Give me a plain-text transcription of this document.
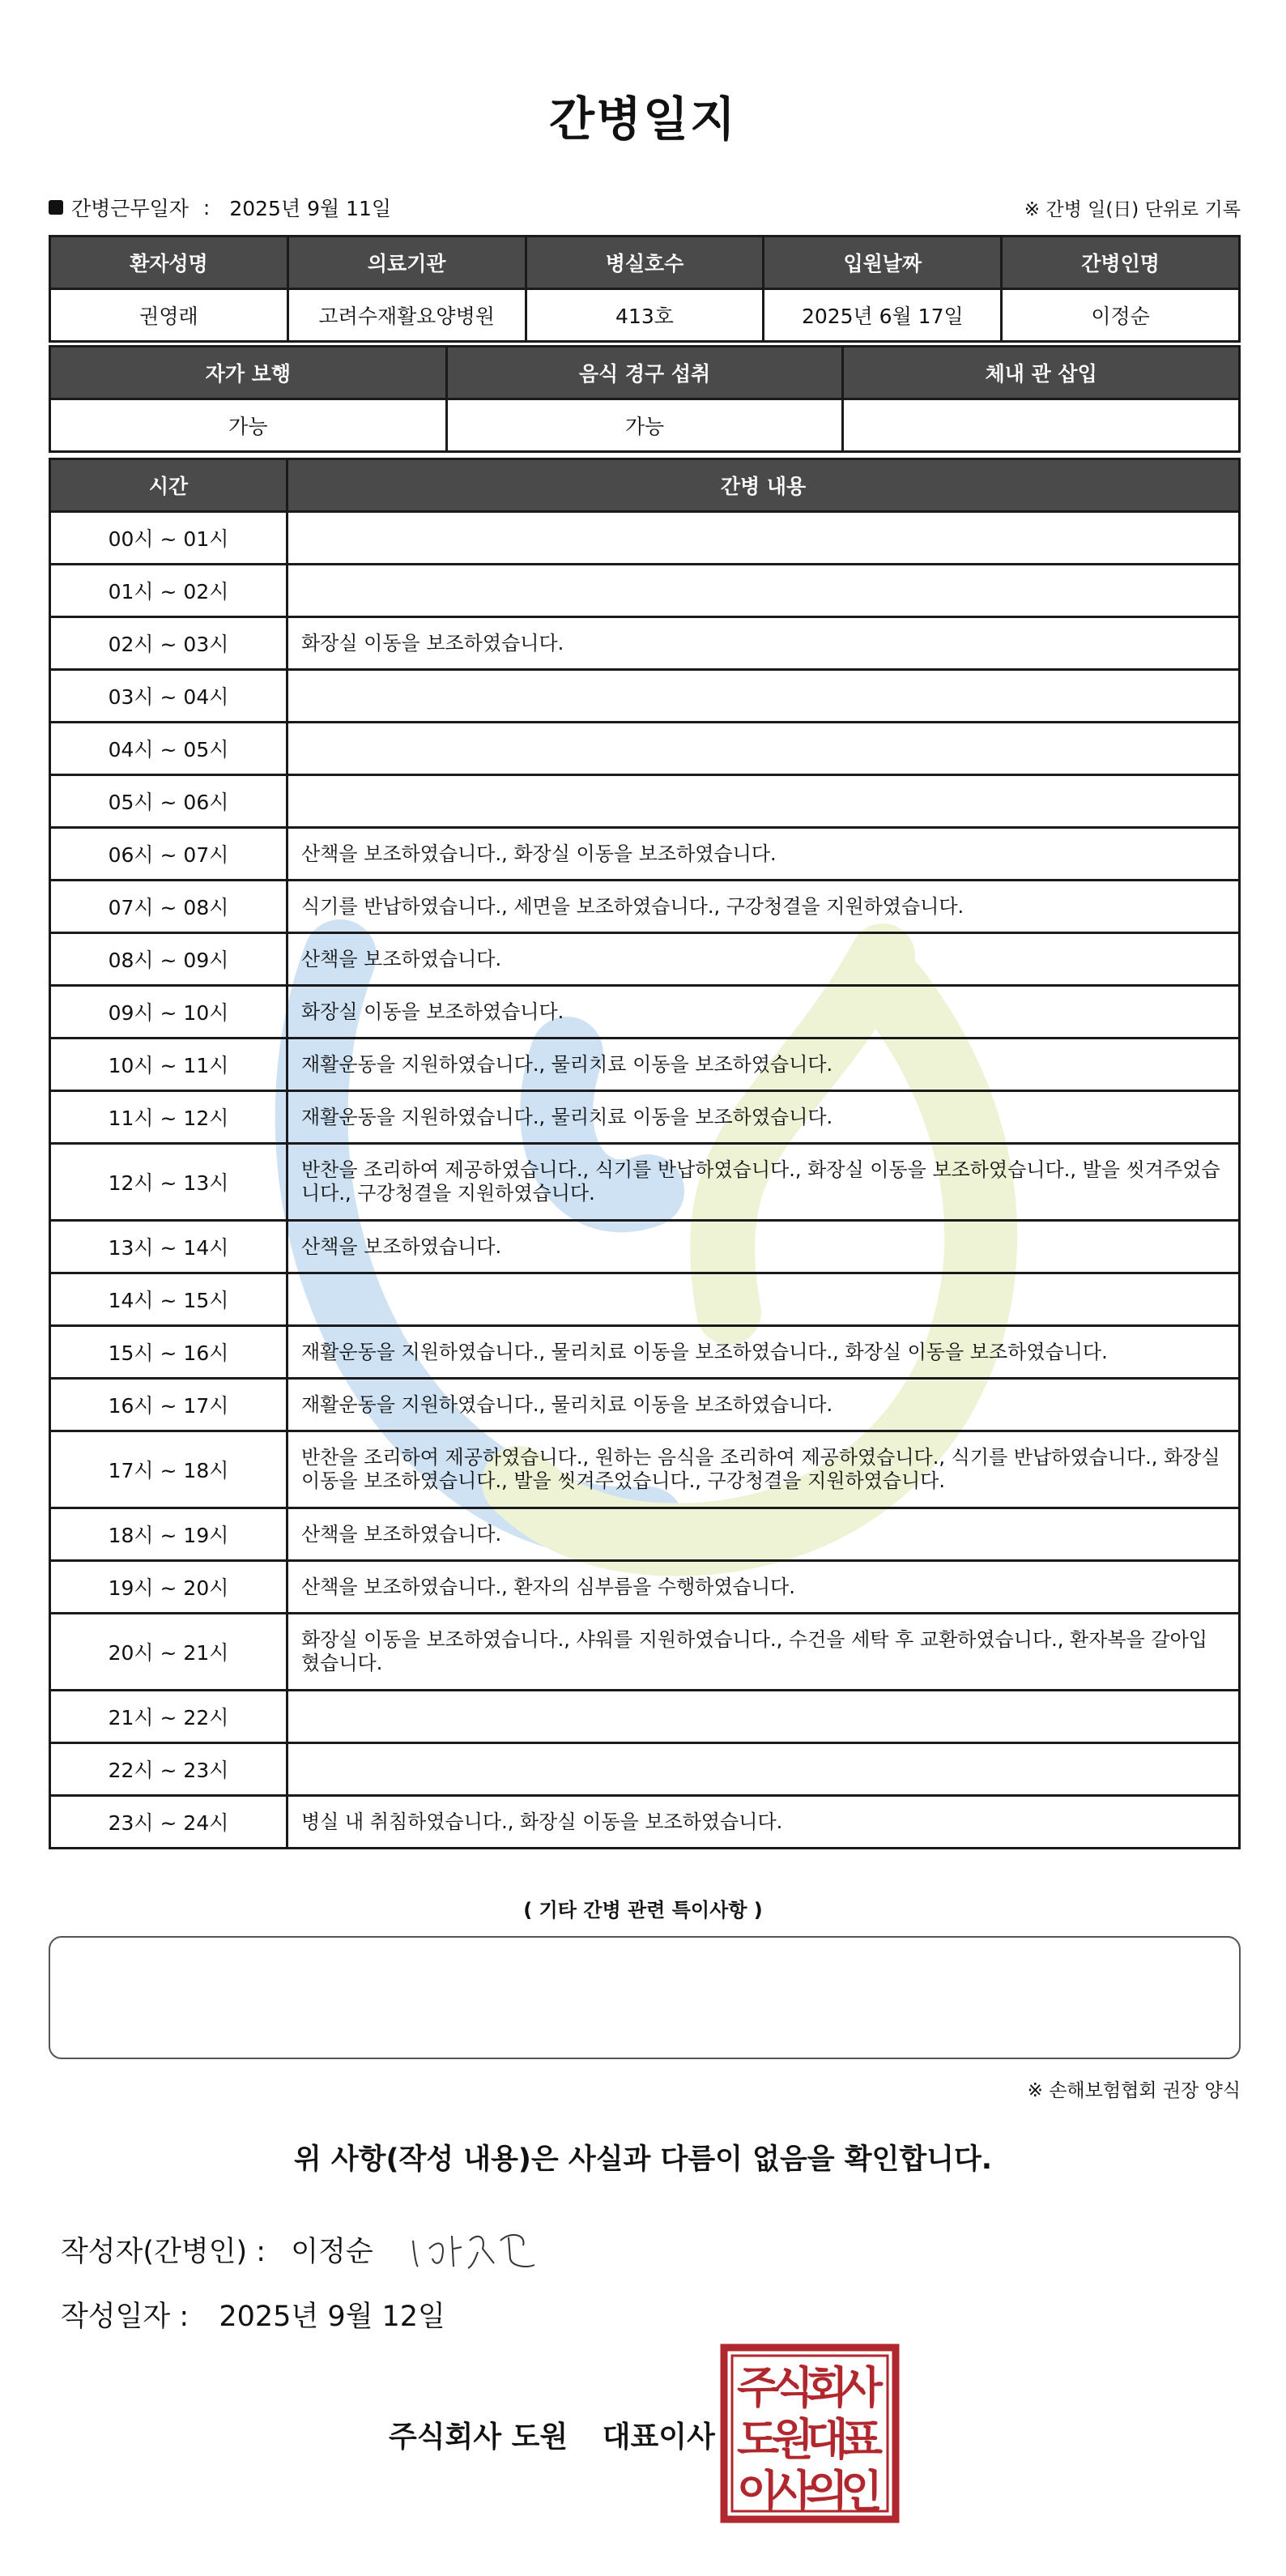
간병일지
간병근무일자 : 2025년 9월 11일	※ 간병 일(日) 단위로 기록
환자성명	의료기관	병실호수	입원날짜	간병인명
권영래	고려수재활요양병원	413호	2025년 6월 17일	이정순
자가 보행	음식 경구 섭취	체내 관 삽입
가능	가능	
시간	간병 내용
00시 ~ 01시	
01시 ~ 02시	
02시 ~ 03시	화장실 이동을 보조하였습니다.
03시 ~ 04시	
04시 ~ 05시	
05시 ~ 06시	
06시 ~ 07시	산책을 보조하였습니다., 화장실 이동을 보조하였습니다.
07시 ~ 08시	식기를 반납하였습니다., 세면을 보조하였습니다., 구강청결을 지원하였습니다.
08시 ~ 09시	산책을 보조하였습니다.
09시 ~ 10시	화장실 이동을 보조하였습니다.
10시 ~ 11시	재활운동을 지원하였습니다., 물리치료 이동을 보조하였습니다.
11시 ~ 12시	재활운동을 지원하였습니다., 물리치료 이동을 보조하였습니다.
12시 ~ 13시	반찬을 조리하여 제공하였습니다., 식기를 반납하였습니다., 화장실 이동을 보조하였습니다., 발을 씻겨주었습니다., 구강청결을 지원하였습니다.
13시 ~ 14시	산책을 보조하였습니다.
14시 ~ 15시	
15시 ~ 16시	재활운동을 지원하였습니다., 물리치료 이동을 보조하였습니다., 화장실 이동을 보조하였습니다.
16시 ~ 17시	재활운동을 지원하였습니다., 물리치료 이동을 보조하였습니다.
17시 ~ 18시	반찬을 조리하여 제공하였습니다., 원하는 음식을 조리하여 제공하였습니다., 식기를 반납하였습니다., 화장실 이동을 보조하였습니다., 발을 씻겨주었습니다., 구강청결을 지원하였습니다.
18시 ~ 19시	산책을 보조하였습니다.
19시 ~ 20시	산책을 보조하였습니다., 환자의 심부름을 수행하였습니다.
20시 ~ 21시	화장실 이동을 보조하였습니다., 샤워를 지원하였습니다., 수건을 세탁 후 교환하였습니다., 환자복을 갈아입혔습니다.
21시 ~ 22시	
22시 ~ 23시	
23시 ~ 24시	병실 내 취침하였습니다., 화장실 이동을 보조하였습니다.
( 기타 간병 관련 특이사항 )
※ 손해보험협회 권장 양식
위 사항(작성 내용)은 사실과 다름이 없음을 확인합니다.
작성자(간병인) : 이정순
작성일자 : 2025년 9월 12일
주식회사 도원 대표이사
주식회사
도원대표
이사의인
